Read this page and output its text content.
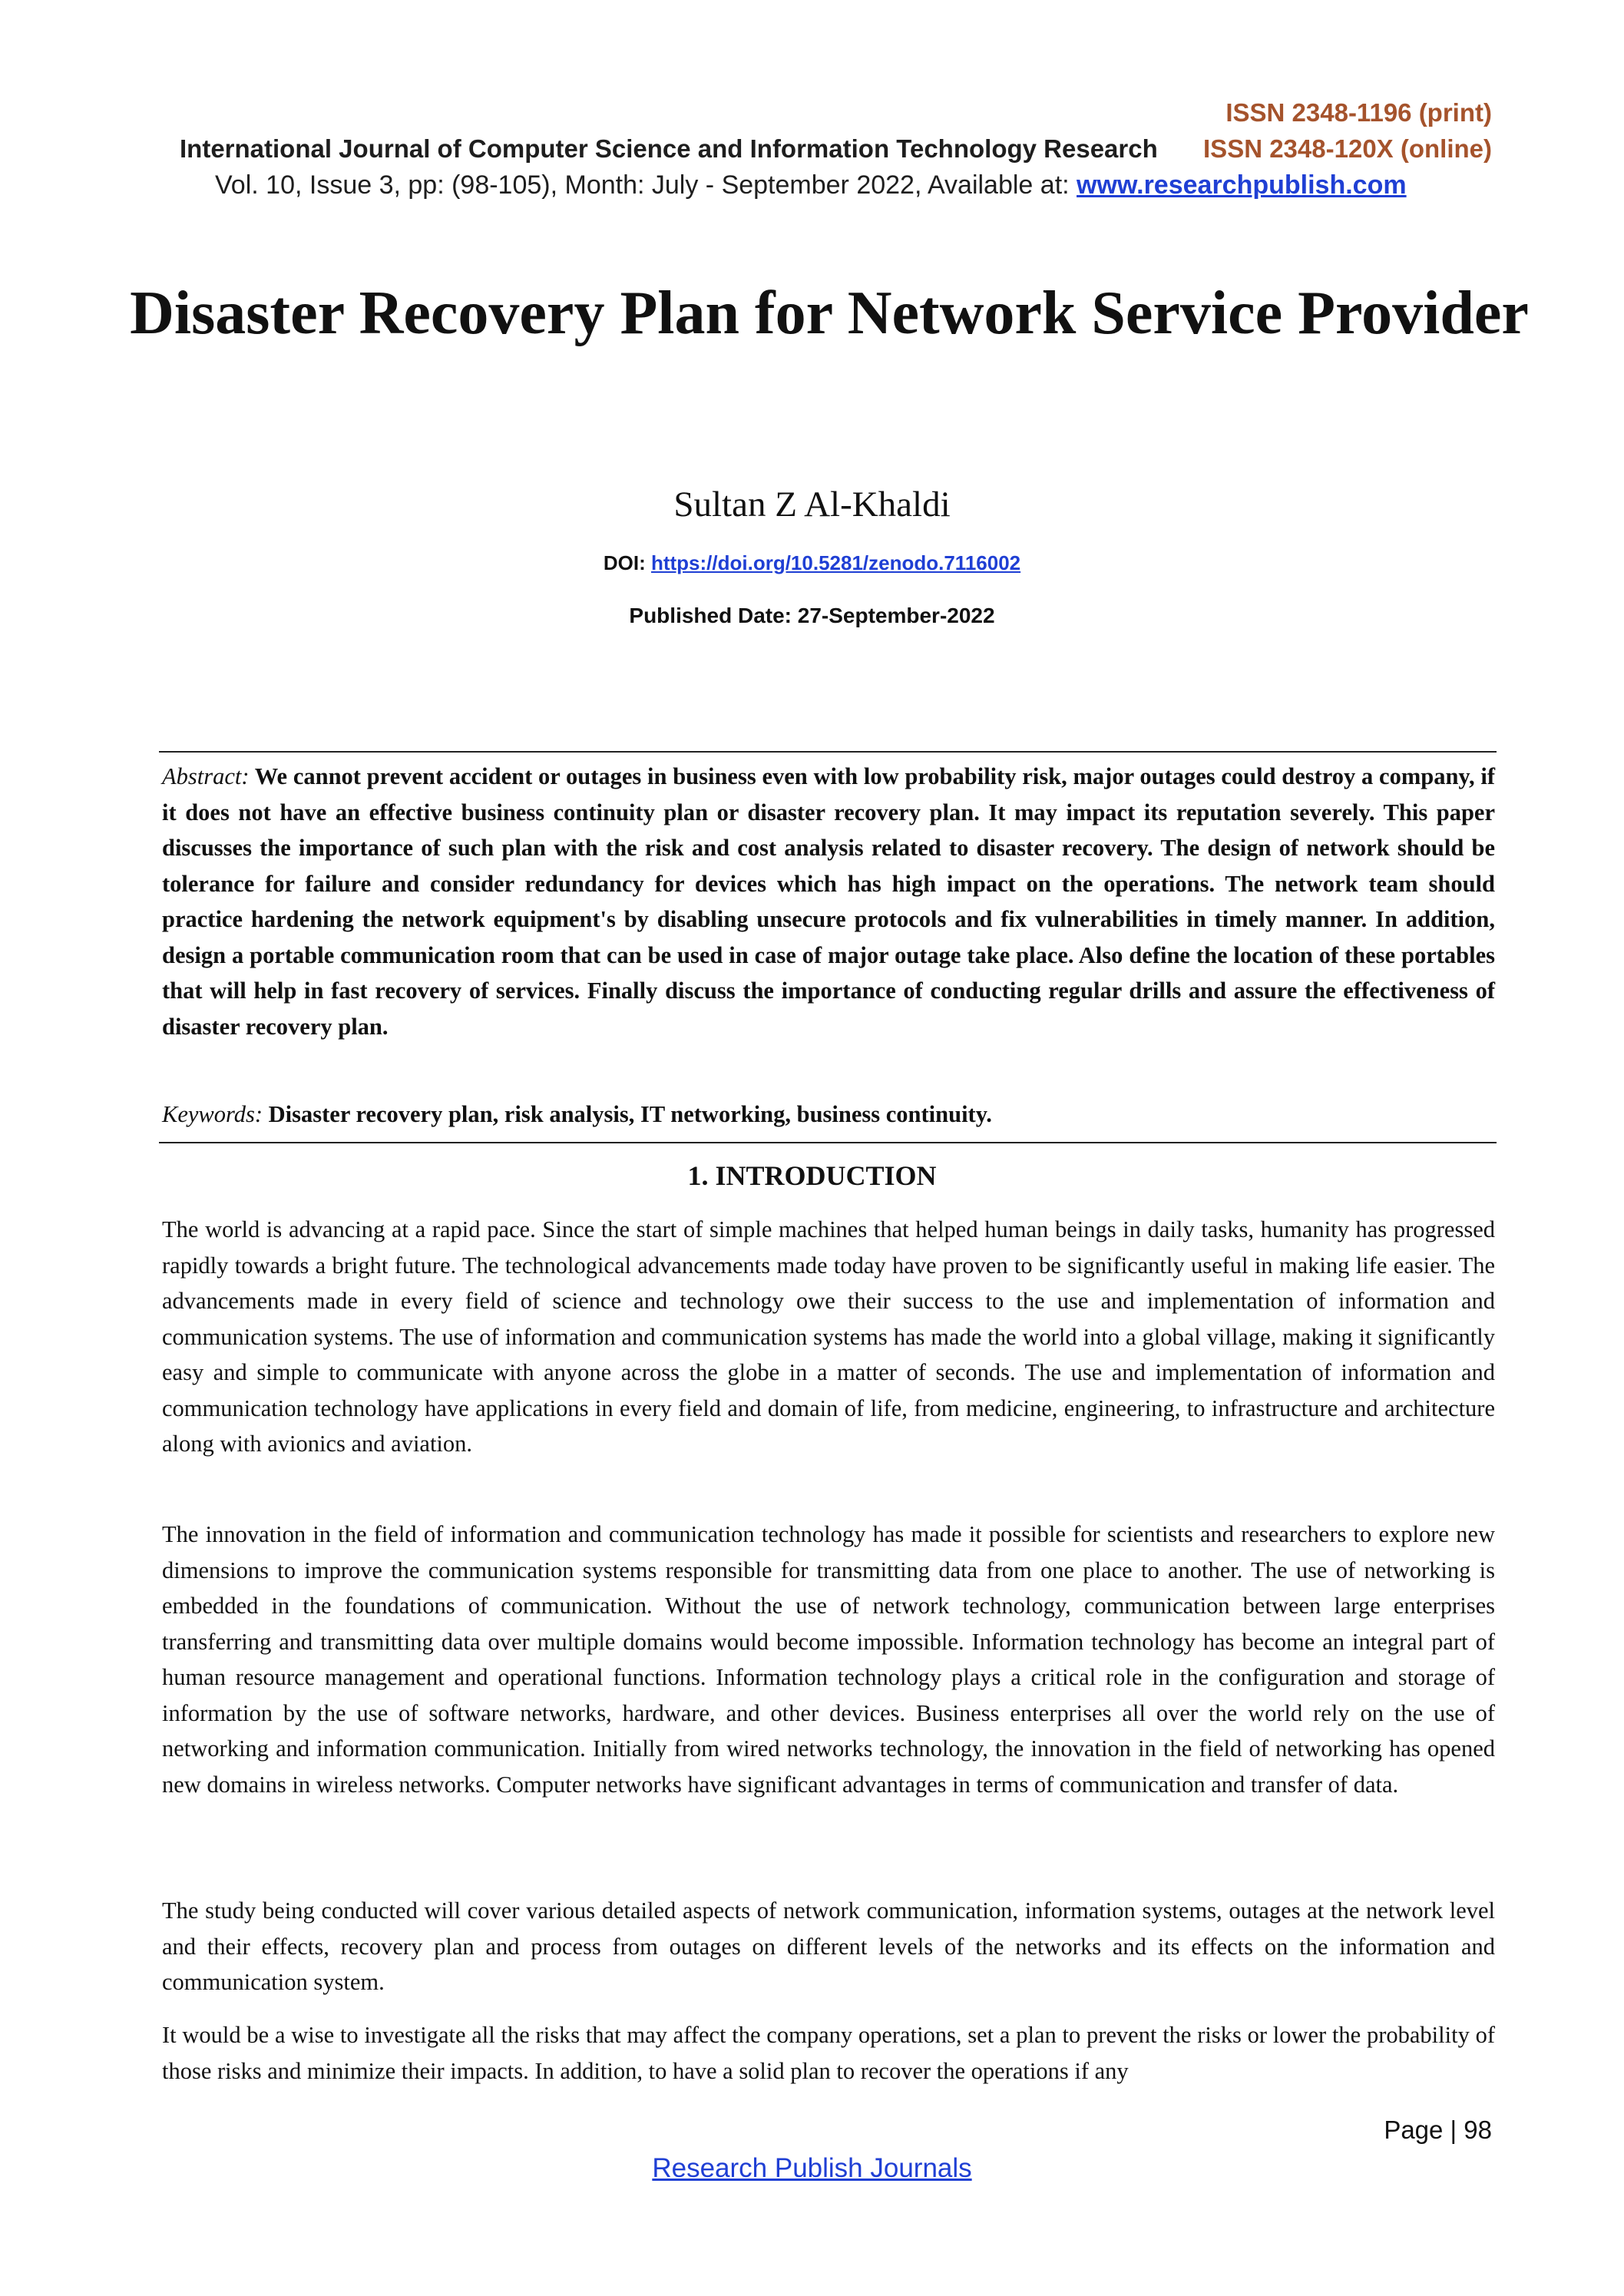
ISSN 2348-1196 (print)
International Journal of Computer Science and Information Technology Research ISSN 2348-120X (online)
Vol. 10, Issue 3, pp: (98-105), Month: July - September 2022, Available at: www.researchpublish.com
Disaster Recovery Plan for Network Service Provider
Sultan Z Al-Khaldi
DOI: https://doi.org/10.5281/zenodo.7116002
Published Date: 27-September-2022
Abstract: We cannot prevent accident or outages in business even with low probability risk, major outages could destroy a company, if it does not have an effective business continuity plan or disaster recovery plan. It may impact its reputation severely. This paper discusses the importance of such plan with the risk and cost analysis related to disaster recovery. The design of network should be tolerance for failure and consider redundancy for devices which has high impact on the operations. The network team should practice hardening the network equipment's by disabling unsecure protocols and fix vulnerabilities in timely manner. In addition, design a portable communication room that can be used in case of major outage take place. Also define the location of these portables that will help in fast recovery of services. Finally discuss the importance of conducting regular drills and assure the effectiveness of disaster recovery plan.
Keywords: Disaster recovery plan, risk analysis, IT networking, business continuity.
1. INTRODUCTION

The world is advancing at a rapid pace. Since the start of simple machines that helped human beings in daily tasks, humanity has progressed rapidly towards a bright future. The technological advancements made today have proven to be significantly useful in making life easier. The advancements made in every field of science and technology owe their success to the use and implementation of information and communication systems. The use of information and communication systems has made the world into a global village, making it significantly easy and simple to communicate with anyone across the globe in a matter of seconds. The use and implementation of information and communication technology have applications in every field and domain of life, from medicine, engineering, to infrastructure and architecture along with avionics and aviation.

The innovation in the field of information and communication technology has made it possible for scientists and researchers to explore new dimensions to improve the communication systems responsible for transmitting data from one place to another. The use of networking is embedded in the foundations of communication. Without the use of network technology, communication between large enterprises transferring and transmitting data over multiple domains would become impossible. Information technology has become an integral part of human resource management and operational functions. Information technology plays a critical role in the configuration and storage of information by the use of software networks, hardware, and other devices. Business enterprises all over the world rely on the use of networking and information communication. Initially from wired networks technology, the innovation in the field of networking has opened new domains in wireless networks. Computer networks have significant advantages in terms of communication and transfer of data.

The study being conducted will cover various detailed aspects of network communication, information systems, outages at the network level and their effects, recovery plan and process from outages on different levels of the networks and its effects on the information and communication system.

It would be a wise to investigate all the risks that may affect the company operations, set a plan to prevent the risks or lower the probability of those risks and minimize their impacts. In addition, to have a solid plan to recover the operations if any

Page | 98
Research Publish Journals
